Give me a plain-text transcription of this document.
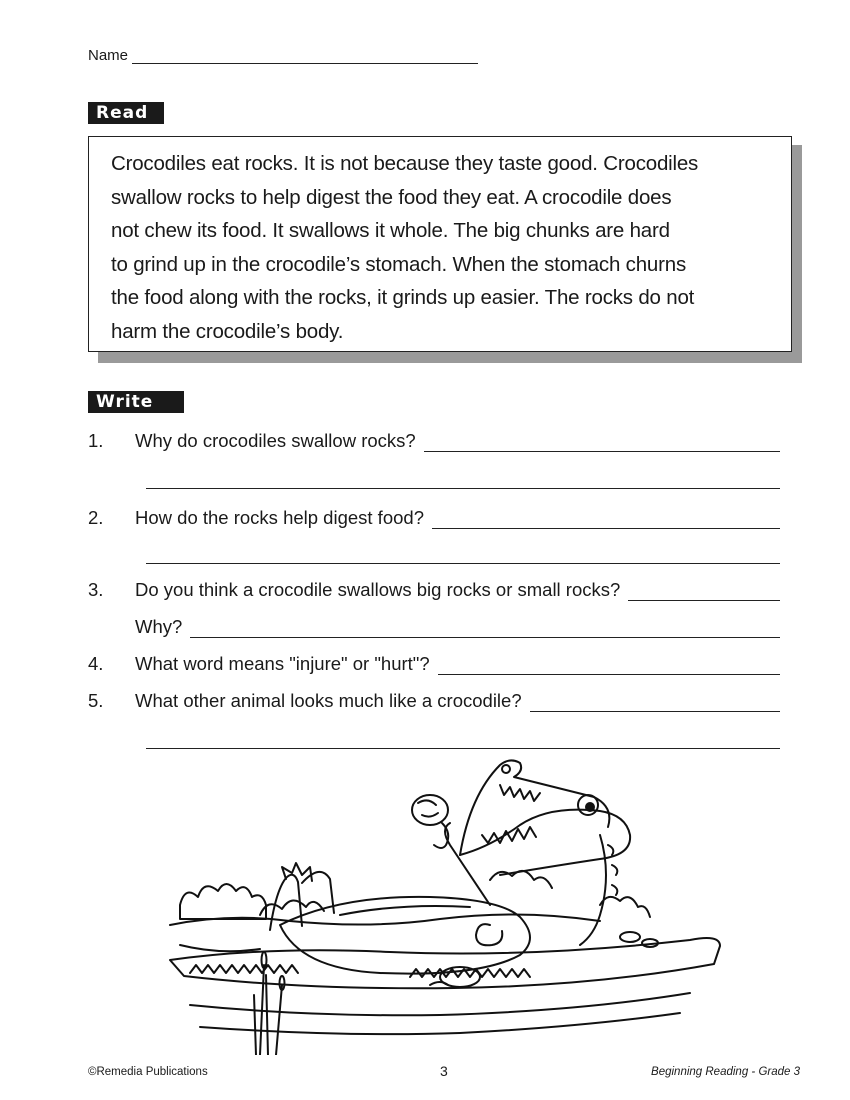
Name
Read

Crocodiles eat rocks. It is not because they taste good. Crocodiles

swallow rocks to help digest the food they eat. A crocodile does

not chew its food. It swallows it whole. The big chunks are hard

to grind up in the crocodile’s stomach. When the stomach churns

the food along with the rocks, it grinds up easier. The rocks do not

harm the crocodile’s body.

Write
1.	Why do crocodiles swallow rocks?
2.	How do the rocks help digest food?
3.	Do you think a crocodile swallows big rocks or small rocks?
Why?
4.	What word means "injure" or "hurt"?
5.	What other animal looks much like a crocodile?
©Remedia Publications	3	Beginning Reading - Grade 3
